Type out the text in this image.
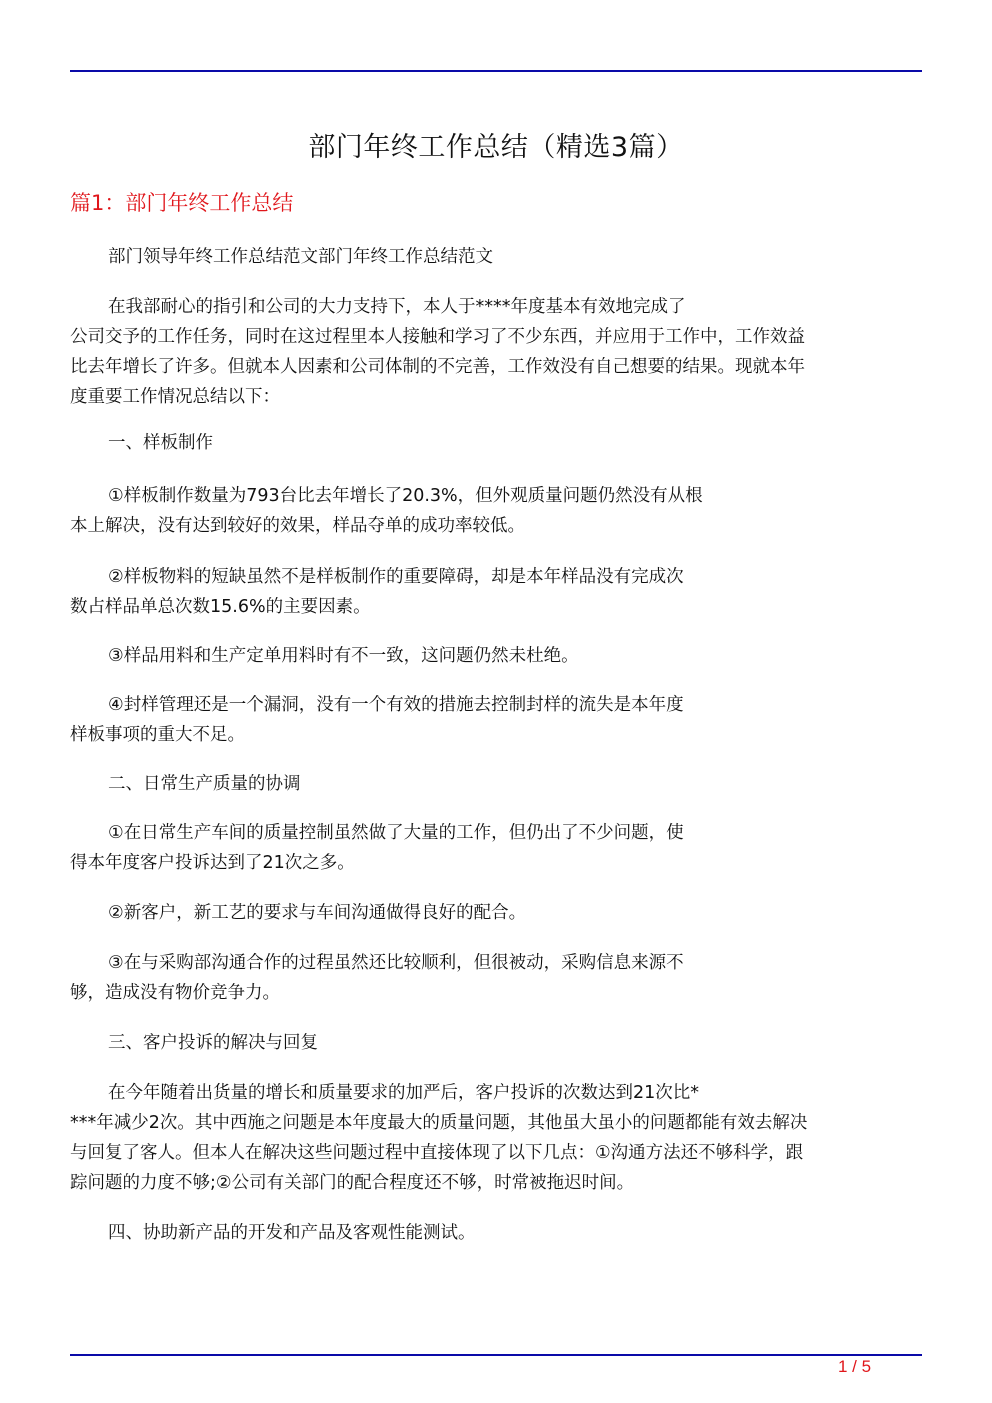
部门年终工作总结（精选3篇）
篇1：部门年终工作总结
部门领导年终工作总结范文部门年终工作总结范文
在我部耐心的指引和公司的大力支持下，本人于****年度基本有效地完成了
公司交予的工作任务，同时在这过程里本人接触和学习了不少东西，并应用于工作中，工作效益
比去年增长了许多。但就本人因素和公司体制的不完善，工作效没有自己想要的结果。现就本年
度重要工作情况总结以下：
一、样板制作
①样板制作数量为793台比去年增长了20.3%，但外观质量问题仍然没有从根
本上解决，没有达到较好的效果，样品夺单的成功率较低。
②样板物料的短缺虽然不是样板制作的重要障碍，却是本年样品没有完成次
数占样品单总次数15.6%的主要因素。
③样品用料和生产定单用料时有不一致，这问题仍然未杜绝。
④封样管理还是一个漏洞，没有一个有效的措施去控制封样的流失是本年度
样板事项的重大不足。
二、日常生产质量的协调
①在日常生产车间的质量控制虽然做了大量的工作，但仍出了不少问题，使
得本年度客户投诉达到了21次之多。
②新客户，新工艺的要求与车间沟通做得良好的配合。
③在与采购部沟通合作的过程虽然还比较顺利，但很被动，采购信息来源不
够，造成没有物价竞争力。
三、客户投诉的解决与回复
在今年随着出货量的增长和质量要求的加严后，客户投诉的次数达到21次比*
***年减少2次。其中西施之问题是本年度最大的质量问题，其他虽大虽小的问题都能有效去解决
与回复了客人。但本人在解决这些问题过程中直接体现了以下几点：①沟通方法还不够科学，跟
踪问题的力度不够;②公司有关部门的配合程度还不够，时常被拖迟时间。
四、协助新产品的开发和产品及客观性能测试。
1 / 5
